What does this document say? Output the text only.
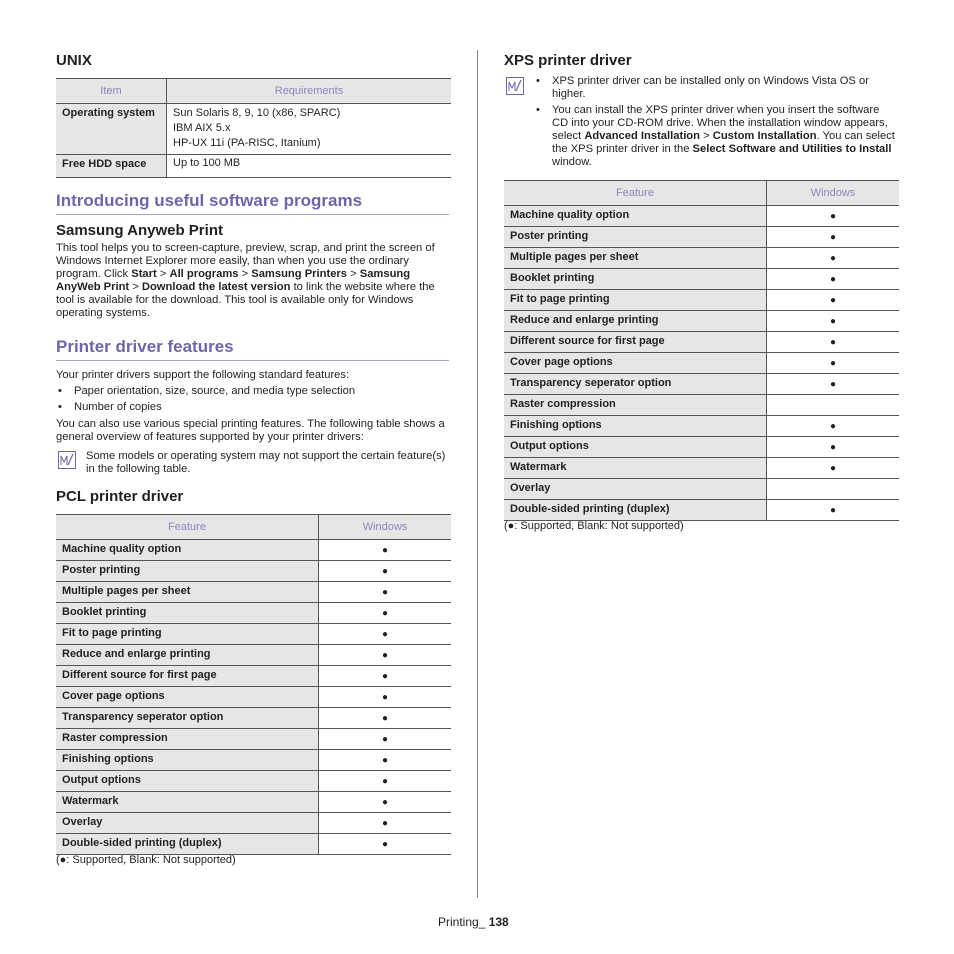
UNIX
Item	Requirements
Operating system	Sun Solaris 8, 9, 10 (x86, SPARC)
IBM AIX 5.x
HP-UX 11i (PA-RISC, Itanium)

Free HDD space	Up to 100 MB
Introducing useful software programs
Samsung Anyweb Print

This tool helps you to screen-capture, preview, scrap, and print the screen of Windows Internet Explorer more easily, than when you use the ordinary program. Click Start > All programs > Samsung Printers > Samsung AnyWeb Print > Download the latest version to link the website where the tool is available for the download. This tool is available only for Windows operating systems.

Printer driver features

Your printer drivers support the following standard features:

• Paper orientation, size, source, and media type selection
• Number of copies

You can also use various special printing features. The following table shows a general overview of features supported by your printer drivers:

Some models or operating system may not support the certain feature(s) in the following table.

PCL printer driver
Feature	Windows
Machine quality option	●
Poster printing	●
Multiple pages per sheet	●
Booklet printing	●
Fit to page printing	●
Reduce and enlarge printing	●
Different source for first page	●
Cover page options	●
Transparency seperator option	●
Raster compression	●
Finishing options	●
Output options	●
Watermark	●
Overlay	●
Double-sided printing (duplex)	●

(●: Supported, Blank: Not supported)

XPS printer driver
• XPS printer driver can be installed only on Windows Vista OS or higher.
• You can install the XPS printer driver when you insert the software CD into your CD-ROM drive. When the installation window appears, select Advanced Installation > Custom Installation. You can select the XPS printer driver in the Select Software and Utilities to Install window.
Feature	Windows
Machine quality option	●
Poster printing	●
Multiple pages per sheet	●
Booklet printing	●
Fit to page printing	●
Reduce and enlarge printing	●
Different source for first page	●
Cover page options	●
Transparency seperator option	●
Raster compression	
Finishing options	●
Output options	●
Watermark	●
Overlay	
Double-sided printing (duplex)	●

(●: Supported, Blank: Not supported)

Printing_ 138
